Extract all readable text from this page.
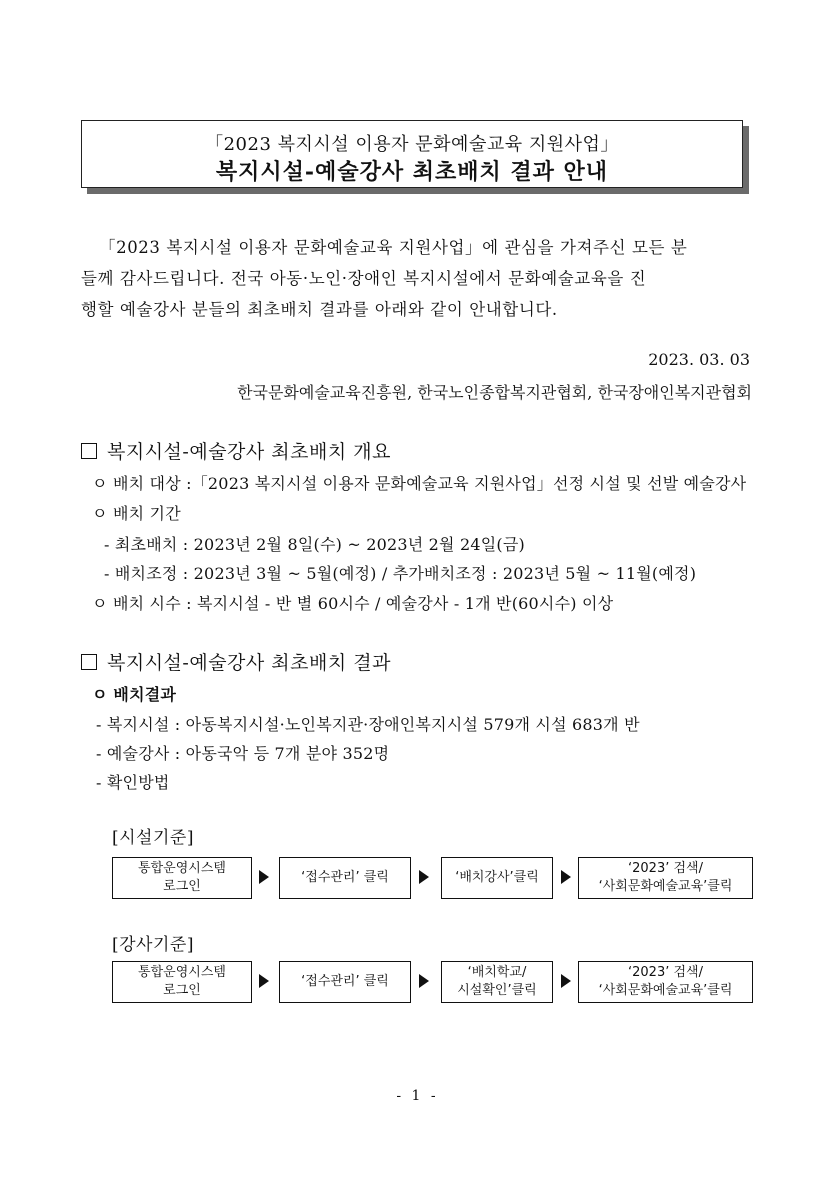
「2023 복지시설 이용자 문화예술교육 지원사업」
복지시설-예술강사 최초배치 결과 안내
「2023 복지시설 이용자 문화예술교육 지원사업」에 관심을 가져주신 모든 분
들께 감사드립니다. 전국 아동·노인·장애인 복지시설에서 문화예술교육을 진
행할 예술강사 분들의 최초배치 결과를 아래와 같이 안내합니다.
2023. 03. 03
한국문화예술교육진흥원, 한국노인종합복지관협회, 한국장애인복지관협회
복지시설-예술강사 최초배치 개요
ㅇ 배치 대상 :「2023 복지시설 이용자 문화예술교육 지원사업」선정 시설 및 선발 예술강사
ㅇ 배치 기간
- 최초배치 : 2023년 2월 8일(수) ~ 2023년 2월 24일(금)
- 배치조정 : 2023년 3월 ~ 5월(예정) / 추가배치조정 : 2023년 5월 ~ 11월(예정)
ㅇ 배치 시수 : 복지시설 - 반 별 60시수 / 예술강사 - 1개 반(60시수) 이상
복지시설-예술강사 최초배치 결과
ㅇ 배치결과
- 복지시설 : 아동복지시설·노인복지관·장애인복지시설 579개 시설 683개 반
- 예술강사 : 아동국악 등 7개 분야 352명
- 확인방법
[시설기준]
통합운영시스템
로그인
‘접수관리’ 클릭	‘배치강사’클릭
‘2023’ 검색/
‘사회문화예술교육’클릭
[강사기준]
통합운영시스템
로그인
‘접수관리’ 클릭
‘배치학교/
시설확인’클릭
‘2023’ 검색/
‘사회문화예술교육’클릭
- 1 -
